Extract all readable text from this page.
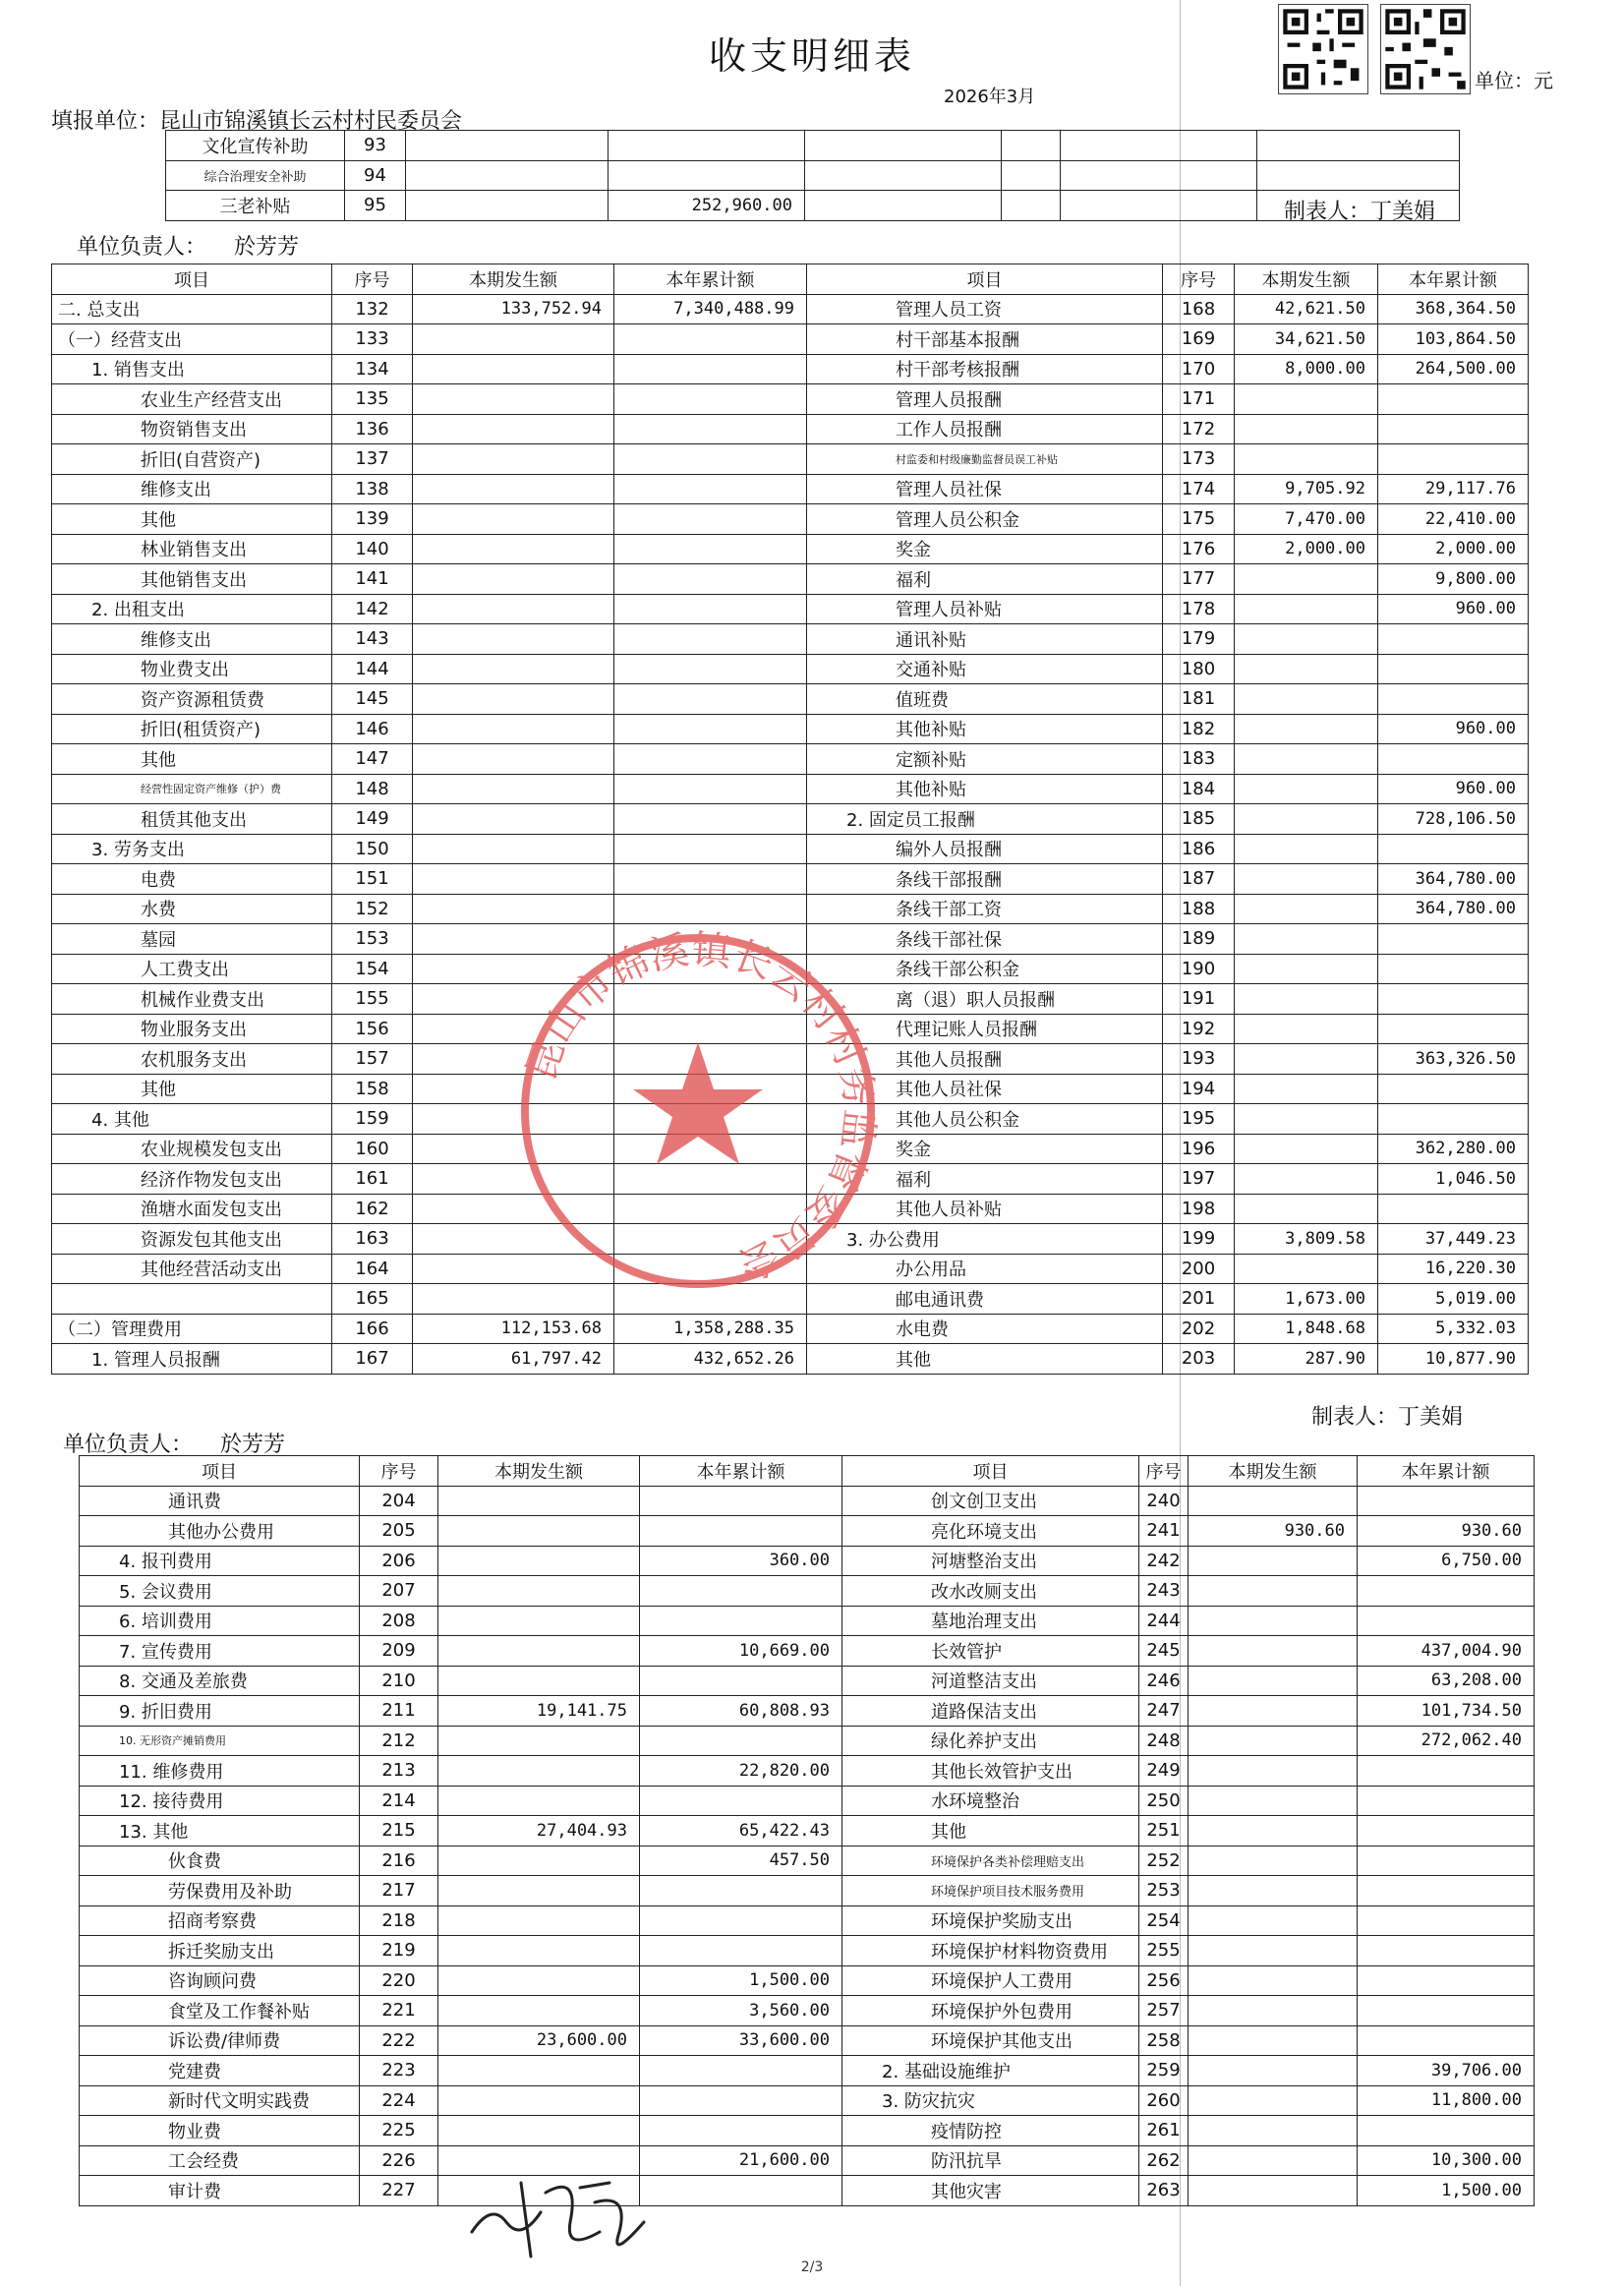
收支明细表
2026年3月
单位：元
填报单位：昆山市锦溪镇长云村村民委员会
文化宣传补助	93						
综合治理安全补助	94						
三老补贴	95		252,960.00				
单位负责人： 於芳芳
制表人：丁美娟
项目	序号	本期发生额	本年累计额	项目	序号	本期发生额	本年累计额
二. 总支出	132	133,752.94	7,340,488.99	管理人员工资	168	42,621.50	368,364.50
（一）经营支出	133			村干部基本报酬	169	34,621.50	103,864.50
1. 销售支出	134			村干部考核报酬	170	8,000.00	264,500.00
农业生产经营支出	135			管理人员报酬	171		
物资销售支出	136			工作人员报酬	172		
折旧(自营资产)	137			村监委和村级廉勤监督员误工补贴	173		
维修支出	138			管理人员社保	174	9,705.92	29,117.76
其他	139			管理人员公积金	175	7,470.00	22,410.00
林业销售支出	140			奖金	176	2,000.00	2,000.00
其他销售支出	141			福利	177		9,800.00
2. 出租支出	142			管理人员补贴	178		960.00
维修支出	143			通讯补贴	179		
物业费支出	144			交通补贴	180		
资产资源租赁费	145			值班费	181		
折旧(租赁资产)	146			其他补贴	182		960.00
其他	147			定额补贴	183		
经营性固定资产维修（护）费	148			其他补贴	184		960.00
租赁其他支出	149			2. 固定员工报酬	185		728,106.50
3. 劳务支出	150			编外人员报酬	186		
电费	151			条线干部报酬	187		364,780.00
水费	152			条线干部工资	188		364,780.00
墓园	153			条线干部社保	189		
人工费支出	154			条线干部公积金	190		
机械作业费支出	155			离（退）职人员报酬	191		
物业服务支出	156			代理记账人员报酬	192		
农机服务支出	157			其他人员报酬	193		363,326.50
其他	158			其他人员社保	194		
4. 其他	159			其他人员公积金	195		
农业规模发包支出	160			奖金	196		362,280.00
经济作物发包支出	161			福利	197		1,046.50
渔塘水面发包支出	162			其他人员补贴	198		
资源发包其他支出	163			3. 办公费用	199	3,809.58	37,449.23
其他经营活动支出	164			办公用品	200		16,220.30
	165			邮电通讯费	201	1,673.00	5,019.00
（二）管理费用	166	112,153.68	1,358,288.35	水电费	202	1,848.68	5,332.03
1. 管理人员报酬	167	61,797.42	432,652.26	其他	203	287.90	10,877.90
制表人：丁美娟
单位负责人： 於芳芳
项目	序号	本期发生额	本年累计额	项目	序号	本期发生额	本年累计额
通讯费	204			创文创卫支出	240		
其他办公费用	205			亮化环境支出	241	930.60	930.60
4. 报刊费用	206		360.00	河塘整治支出	242		6,750.00
5. 会议费用	207			改水改厕支出	243		
6. 培训费用	208			墓地治理支出	244		
7. 宣传费用	209		10,669.00	长效管护	245		437,004.90
8. 交通及差旅费	210			河道整洁支出	246		63,208.00
9. 折旧费用	211	19,141.75	60,808.93	道路保洁支出	247		101,734.50
10. 无形资产摊销费用	212			绿化养护支出	248		272,062.40
11. 维修费用	213		22,820.00	其他长效管护支出	249		
12. 接待费用	214			水环境整治	250		
13. 其他	215	27,404.93	65,422.43	其他	251		
伙食费	216		457.50	环境保护各类补偿理赔支出	252		
劳保费用及补助	217			环境保护项目技术服务费用	253		
招商考察费	218			环境保护奖励支出	254		
拆迁奖励支出	219			环境保护材料物资费用	255		
咨询顾问费	220		1,500.00	环境保护人工费用	256		
食堂及工作餐补贴	221		3,560.00	环境保护外包费用	257		
诉讼费/律师费	222	23,600.00	33,600.00	环境保护其他支出	258		
党建费	223			2. 基础设施维护	259		39,706.00
新时代文明实践费	224			3. 防灾抗灾	260		11,800.00
物业费	225			疫情防控	261		
工会经费	226		21,600.00	防汛抗旱	262		10,300.00
审计费	227			其他灾害	263		1,500.00
昆山市锦溪镇长云村村务监督委员会
2/3
